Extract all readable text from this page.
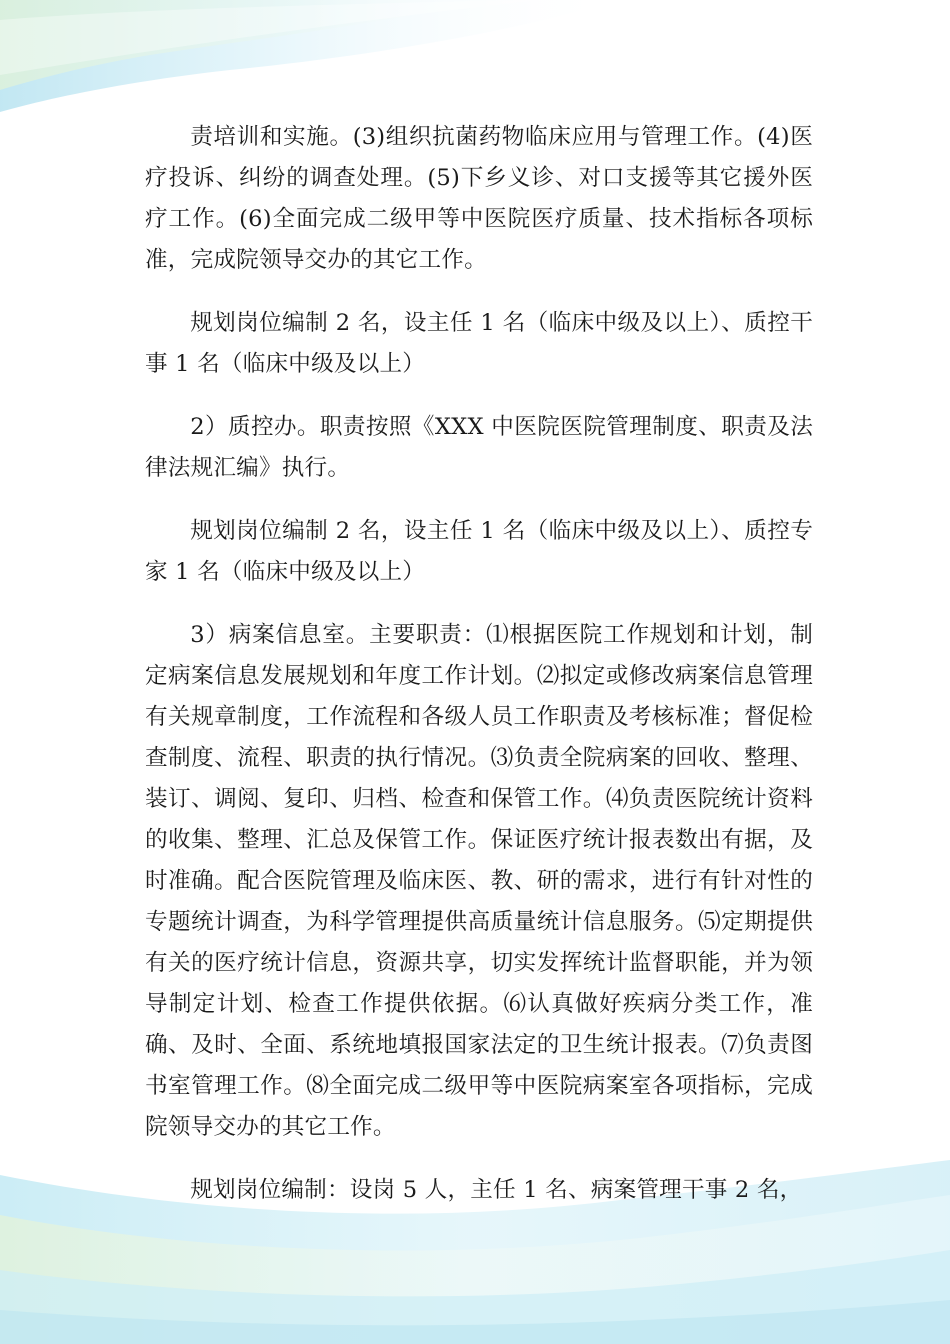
责培训和实施。(3)组织抗菌药物临床应用与管理工作。(4)医疗投诉、纠纷的调查处理。(5)下乡义诊、对口支援等其它援外医疗工作。(6)全面完成二级甲等中医院医疗质量、技术指标各项标准，完成院领导交办的其它工作。

规划岗位编制 2 名，设主任 1 名（临床中级及以上）、质控干事 1 名（临床中级及以上）

2）质控办。职责按照《XXX 中医院医院管理制度、职责及法律法规汇编》执行。

规划岗位编制 2 名，设主任 1 名（临床中级及以上）、质控专家 1 名（临床中级及以上）

3）病案信息室。主要职责：⑴根据医院工作规划和计划，制定病案信息发展规划和年度工作计划。⑵拟定或修改病案信息管理有关规章制度，工作流程和各级人员工作职责及考核标准；督促检查制度、流程、职责的执行情况。⑶负责全院病案的回收、整理、装订、调阅、复印、归档、检查和保管工作。⑷负责医院统计资料的收集、整理、汇总及保管工作。保证医疗统计报表数出有据，及时准确。配合医院管理及临床医、教、研的需求，进行有针对性的专题统计调查，为科学管理提供高质量统计信息服务。⑸定期提供有关的医疗统计信息，资源共享，切实发挥统计监督职能，并为领导制定计划、检查工作提供依据。⑹认真做好疾病分类工作，准确、及时、全面、系统地填报国家法定的卫生统计报表。⑺负责图书室管理工作。⑻全面完成二级甲等中医院病案室各项指标，完成院领导交办的其它工作。

规划岗位编制：设岗 5 人，主任 1 名、病案管理干事 2 名，
